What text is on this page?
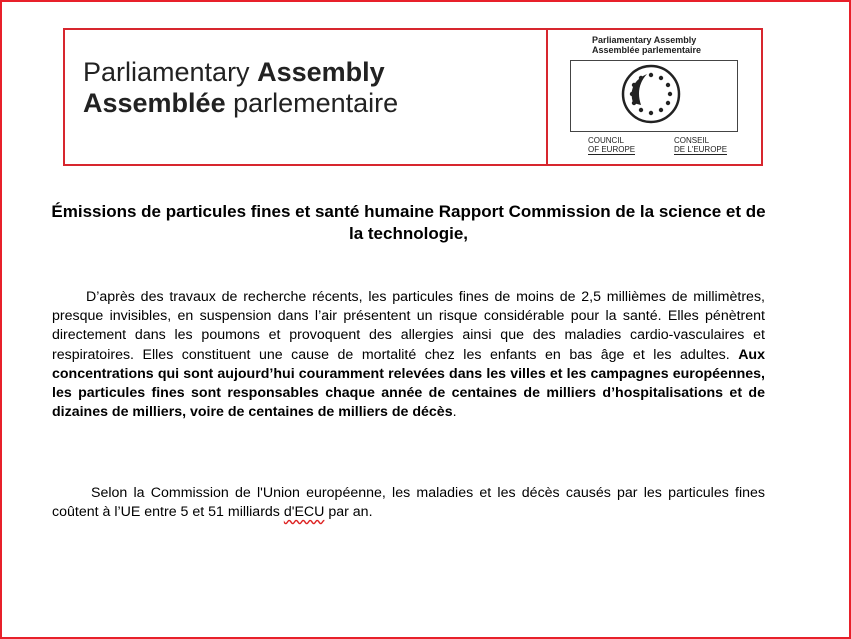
Parliamentary Assembly
Assemblée parlementaire
Parliamentary Assembly
Assemblée parlementaire
COUNCIL
OF EUROPE
CONSEIL
DE L'EUROPE
Émissions de particules fines et santé humaine Rapport Commission de la science et de la technologie,

D’après des travaux de recherche récents, les particules fines de moins de 2,5 millièmes de millimètres, presque invisibles, en suspension dans l’air présentent un risque considérable pour la santé. Elles pénètrent directement dans les poumons et provoquent des allergies ainsi que des maladies cardio-vasculaires et respiratoires. Elles constituent une cause de mortalité chez les enfants en bas âge et les adultes. Aux concentrations qui sont aujourd’hui couramment relevées dans les villes et les campagnes européennes, les particules fines sont responsables chaque année de centaines de milliers d’hospitalisations et de dizaines de milliers, voire de centaines de milliers de décès.

Selon la Commission de l'Union européenne, les maladies et les décès causés par les particules fines coûtent à l’UE entre 5 et 51 milliards d'ECU par an.
